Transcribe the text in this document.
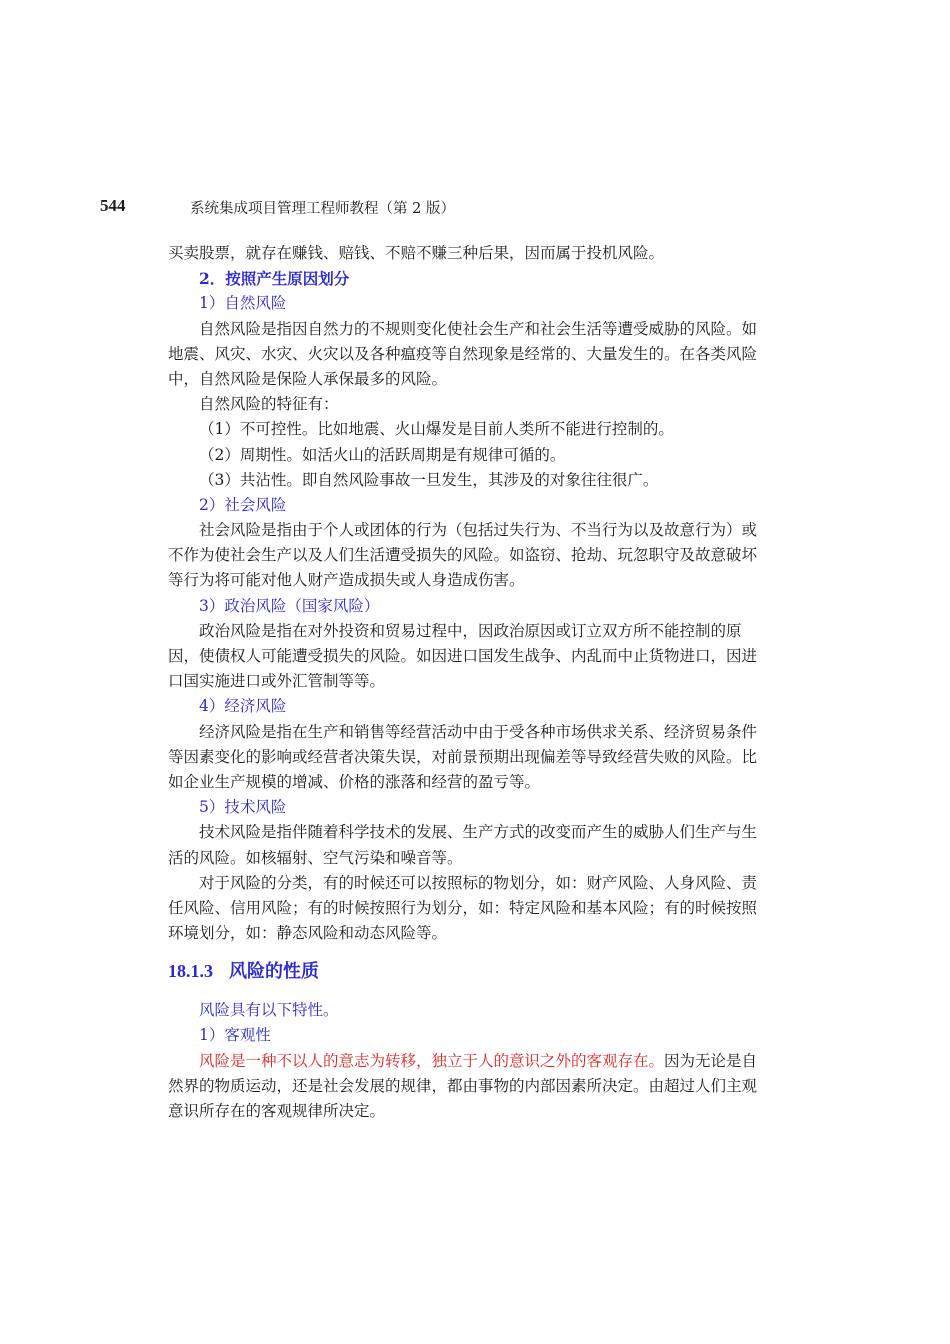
544	系统集成项目管理工程师教程（第 2 版）
买卖股票，就存在赚钱、赔钱、不赔不赚三种后果，因而属于投机风险。
2．按照产生原因划分
1）自然风险
自然风险是指因自然力的不规则变化使社会生产和社会生活等遭受威胁的风险。如
地震、风灾、水灾、火灾以及各种瘟疫等自然现象是经常的、大量发生的。在各类风险
中，自然风险是保险人承保最多的风险。
自然风险的特征有：
（1）不可控性。比如地震、火山爆发是目前人类所不能进行控制的。
（2）周期性。如活火山的活跃周期是有规律可循的。
（3）共沾性。即自然风险事故一旦发生，其涉及的对象往往很广。
2）社会风险
社会风险是指由于个人或团体的行为（包括过失行为、不当行为以及故意行为）或
不作为使社会生产以及人们生活遭受损失的风险。如盗窃、抢劫、玩忽职守及故意破坏
等行为将可能对他人财产造成损失或人身造成伤害。
3）政治风险（国家风险）
政治风险是指在对外投资和贸易过程中，因政治原因或订立双方所不能控制的原
因，使债权人可能遭受损失的风险。如因进口国发生战争、内乱而中止货物进口，因进
口国实施进口或外汇管制等等。
4）经济风险
经济风险是指在生产和销售等经营活动中由于受各种市场供求关系、经济贸易条件
等因素变化的影响或经营者决策失误，对前景预期出现偏差等导致经营失败的风险。比
如企业生产规模的增减、价格的涨落和经营的盈亏等。
5）技术风险
技术风险是指伴随着科学技术的发展、生产方式的改变而产生的威胁人们生产与生
活的风险。如核辐射、空气污染和噪音等。
对于风险的分类，有的时候还可以按照标的物划分，如：财产风险、人身风险、责
任风险、信用风险；有的时候按照行为划分，如：特定风险和基本风险；有的时候按照
环境划分，如：静态风险和动态风险等。
18.1.3 风险的性质
风险具有以下特性。
1）客观性
风险是一种不以人的意志为转移，独立于人的意识之外的客观存在。因为无论是自
然界的物质运动，还是社会发展的规律，都由事物的内部因素所决定。由超过人们主观
意识所存在的客观规律所决定。
